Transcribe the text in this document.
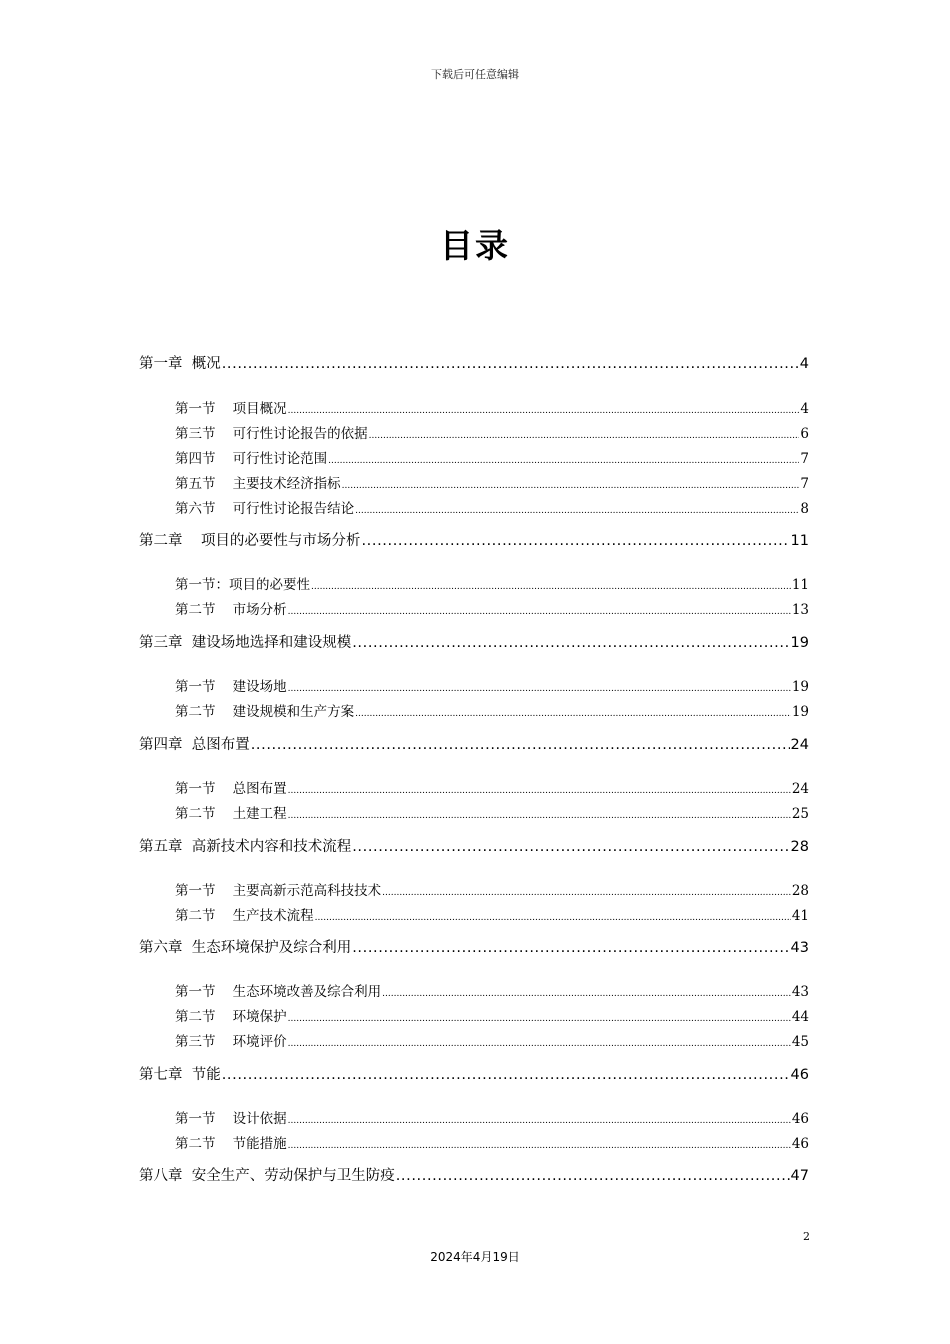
下载后可任意编辑
目录
第一章 概况 .....	4
第一节 项目概况 .....	4
第三节 可行性讨论报告的依据 .....	6
第四节 可行性讨论范围 .....	7
第五节 主要技术经济指标 .....	7
第六节 可行性讨论报告结论 .....	8
第二章 项目的必要性与市场分析 .....	11
第一节：项目的必要性 .....	11
第二节 市场分析 .....	13
第三章 建设场地选择和建设规模 .....	19
第一节 建设场地 .....	19
第二节 建设规模和生产方案 .....	19
第四章 总图布置 .....	24
第一节 总图布置 .....	24
第二节 土建工程 .....	25
第五章 高新技术内容和技术流程 .....	28
第一节 主要高新示范高科技技术 .....	28
第二节 生产技术流程 .....	41
第六章 生态环境保护及综合利用 .....	43
第一节 生态环境改善及综合利用 .....	43
第二节 环境保护 .....	44
第三节 环境评价 .....	45
第七章 节能 .....	46
第一节 设计依据 .....	46
第二节 节能措施 .....	46
第八章 安全生产、劳动保护与卫生防疫 .....	47
2
2024年4月19日
